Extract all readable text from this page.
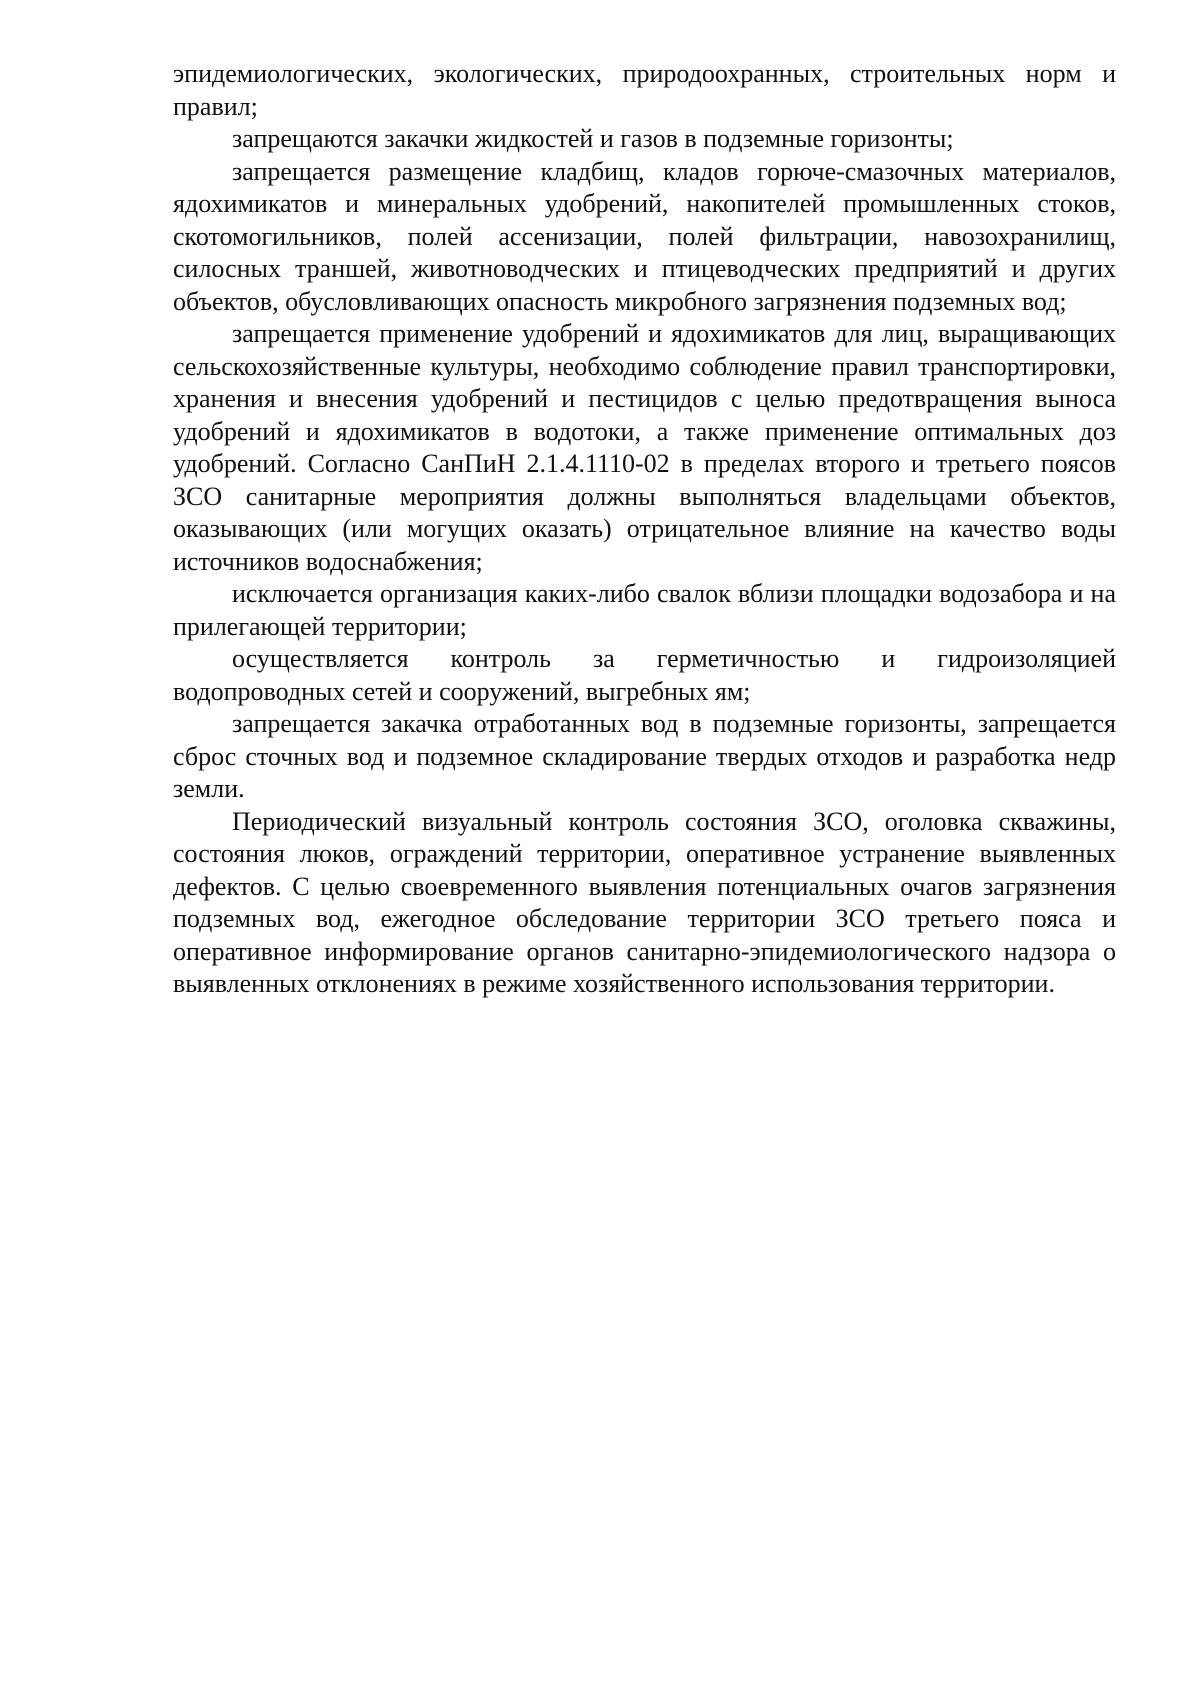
эпидемиологических, экологических, природоохранных, строительных норм и правил;

запрещаются закачки жидкостей и газов в подземные горизонты;

запрещается размещение кладбищ, кладов горюче-смазочных материалов, ядохимикатов и минеральных удобрений, накопителей промышленных стоков, скотомогильников, полей ассенизации, полей фильтрации, навозохранилищ, силосных траншей, животноводческих и птицеводческих предприятий и других объектов, обусловливающих опасность микробного загрязнения подземных вод;

запрещается применение удобрений и ядохимикатов для лиц, выращивающих сельскохозяйственные культуры, необходимо соблюдение правил транспортировки, хранения и внесения удобрений и пестицидов с целью предотвращения выноса удобрений и ядохимикатов в водотоки, а также применение оптимальных доз удобрений. Согласно СанПиН 2.1.4.1110-02 в пределах второго и третьего поясов ЗСО санитарные мероприятия должны выполняться владельцами объектов, оказывающих (или могущих оказать) отрицательное влияние на качество воды источников водоснабжения;

исключается организация каких-либо свалок вблизи площадки водозабора и на прилегающей территории;

осуществляется контроль за герметичностью и гидроизоляцией водопроводных сетей и сооружений, выгребных ям;

запрещается закачка отработанных вод в подземные горизонты, запрещается сброс сточных вод и подземное складирование твердых отходов и разработка недр земли.

Периодический визуальный контроль состояния ЗСО, оголовка скважины, состояния люков, ограждений территории, оперативное устранение выявленных дефектов. С целью своевременного выявления потенциальных очагов загрязнения подземных вод, ежегодное обследование территории ЗСО третьего пояса и оперативное информирование органов санитарно-эпидемиологического надзора о выявленных отклонениях в режиме хозяйственного использования территории.
